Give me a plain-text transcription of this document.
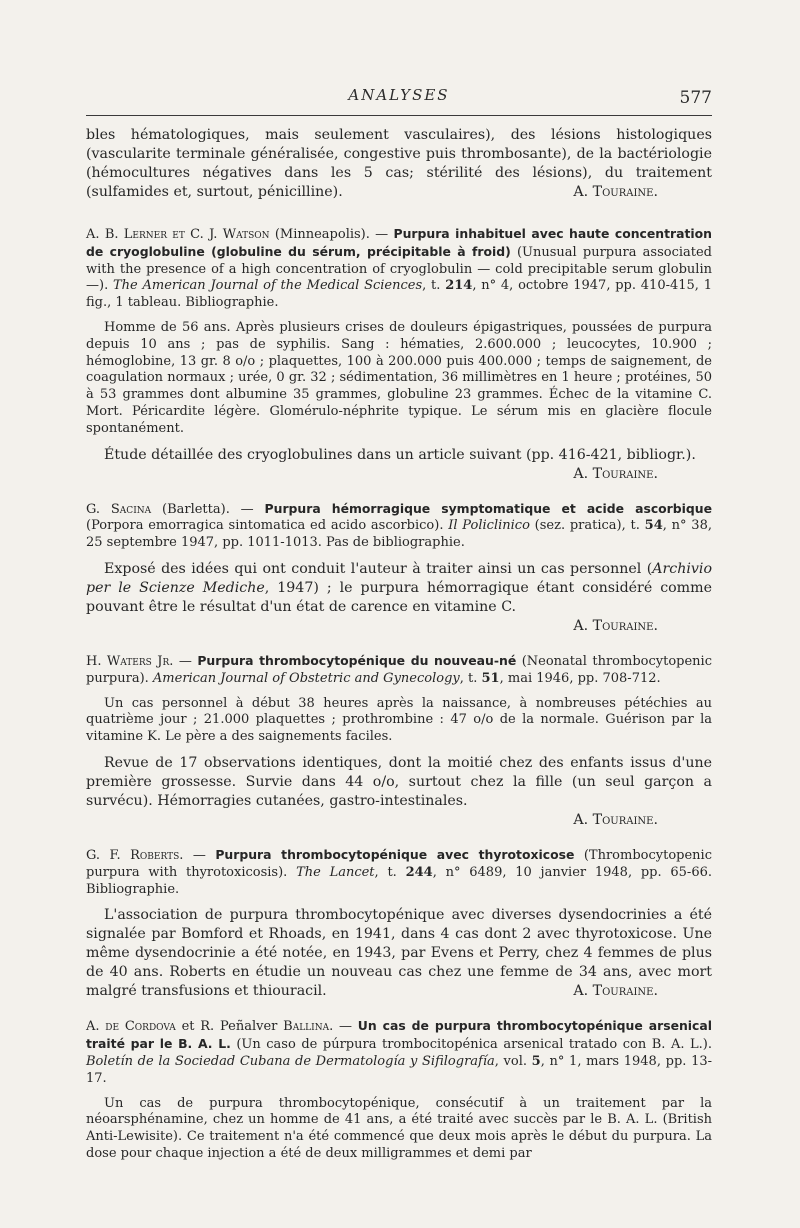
ANALYSES	577

bles hématologiques, mais seulement vasculaires), des lésions histologiques (vascularite terminale généralisée, congestive puis thrombosante), de la bactériologie (hémocultures négatives dans les 5 cas; stérilité des lésions), du traitement (sulfamides et, surtout, pénicilline).	A. Touraine.

A. B. Lerner et C. J. Watson (Minneapolis). — Purpura inhabituel avec haute concentration de cryoglobuline (globuline du sérum, précipitable à froid) (Unusual purpura associated with the presence of a high concentration of cryoglobulin — cold precipitable serum globulin —). The American Journal of the Medical Sciences, t. 214, n° 4, octobre 1947, pp. 410-415, 1 fig., 1 tableau. Bibliographie.

Homme de 56 ans. Après plusieurs crises de douleurs épigastriques, poussées de purpura depuis 10 ans ; pas de syphilis. Sang : hématies, 2.600.000 ; leucocytes, 10.900 ; hémoglobine, 13 gr. 8 o/o ; plaquettes, 100 à 200.000 puis 400.000 ; temps de saignement, de coagulation normaux ; urée, 0 gr. 32 ; sédimentation, 36 millimètres en 1 heure ; protéines, 50 à 53 grammes dont albumine 35 grammes, globuline 23 grammes. Échec de la vitamine C. Mort. Péricardite légère. Glomérulo-néphrite typique. Le sérum mis en glacière flocule spontanément.

Étude détaillée des cryoglobulines dans un article suivant (pp. 416-421, bibliogr.).

A. Touraine.

G. Sacina (Barletta). — Purpura hémorragique symptomatique et acide ascorbique (Porpora emorragica sintomatica ed acido ascorbico). Il Policlinico (sez. pratica), t. 54, n° 38, 25 septembre 1947, pp. 1011-1013. Pas de bibliographie.

Exposé des idées qui ont conduit l'auteur à traiter ainsi un cas personnel (Archivio per le Scienze Mediche, 1947) ; le purpura hémorragique étant considéré comme pouvant être le résultat d'un état de carence en vitamine C.

A. Touraine.

H. Waters Jr. — Purpura thrombocytopénique du nouveau-né (Neonatal thrombocytopenic purpura). American Journal of Obstetric and Gynecology, t. 51, mai 1946, pp. 708-712.

Un cas personnel à début 38 heures après la naissance, à nombreuses pétéchies au quatrième jour ; 21.000 plaquettes ; prothrombine : 47 o/o de la normale. Guérison par la vitamine K. Le père a des saignements faciles.

Revue de 17 observations identiques, dont la moitié chez des enfants issus d'une première grossesse. Survie dans 44 o/o, surtout chez la fille (un seul garçon a survécu). Hémorragies cutanées, gastro-intestinales.

A. Touraine.

G. F. Roberts. — Purpura thrombocytopénique avec thyrotoxicose (Thrombocytopenic purpura with thyrotoxicosis). The Lancet, t. 244, n° 6489, 10 janvier 1948, pp. 65-66. Bibliographie.

L'association de purpura thrombocytopénique avec diverses dysendocrinies a été signalée par Bomford et Rhoads, en 1941, dans 4 cas dont 2 avec thyrotoxicose. Une même dysendocrinie a été notée, en 1943, par Evens et Perry, chez 4 femmes de plus de 40 ans. Roberts en étudie un nouveau cas chez une femme de 34 ans, avec mort malgré transfusions et thiouracil.	A. Touraine.

A. de Cordova et R. Peñalver Ballina. — Un cas de purpura thrombocytopénique arsenical traité par le B. A. L. (Un caso de púrpura trombocitopénica arsenical tratado con B. A. L.). Boletín de la Sociedad Cubana de Dermatología y Sifilografía, vol. 5, n° 1, mars 1948, pp. 13-17.

Un cas de purpura thrombocytopénique, consécutif à un traitement par la néoarsphénamine, chez un homme de 41 ans, a été traité avec succès par le B. A. L. (British Anti-Lewisite). Ce traitement n'a été commencé que deux mois après le début du purpura. La dose pour chaque injection a été de deux milligrammes et demi par
